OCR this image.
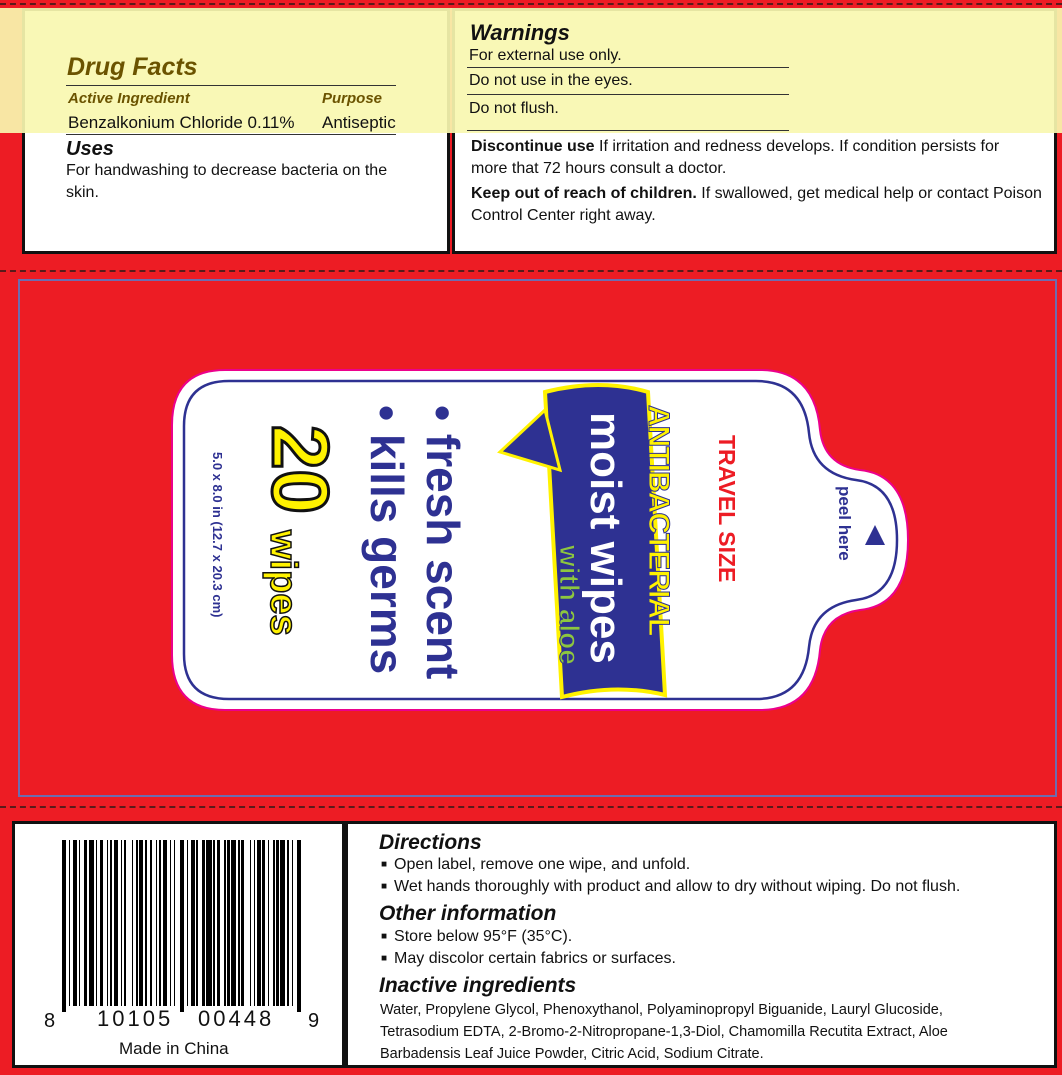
Drug Facts
Active Ingredient	Purpose
Benzalkonium Chloride 0.11% Antiseptic
Uses
For handwashing to decrease bacteria on the
skin.
Warnings
For external use only.
Do not use in the eyes.
Do not flush.
Discontinue use If irritation and redness develops. If condition persists for
more that 72 hours consult a doctor.
Keep out of reach of children. If swallowed, get medical help or contact Poison
Control Center right away.
TRAVEL SIZE	peel here
ANTIBACTERIAL
moist wipes
with aloe
• fresh scent
• kills germs
20
wipes
5.0 x 8.0 in (12.7 x 20.3 cm)
8 10105 00448 9
Made in China
Directions
■ Open label, remove one wipe, and unfold.
■ Wet hands thoroughly with product and allow to dry without wiping. Do not flush.
Other information
■ Store below 95°F (35°C).
■ May discolor certain fabrics or surfaces.
Inactive ingredients
Water, Propylene Glycol, Phenoxythanol, Polyaminopropyl Biguanide, Lauryl Glucoside,
Tetrasodium EDTA, 2-Bromo-2-Nitropropane-1,3-Diol, Chamomilla Recutita Extract, Aloe
Barbadensis Leaf Juice Powder, Citric Acid, Sodium Citrate.
